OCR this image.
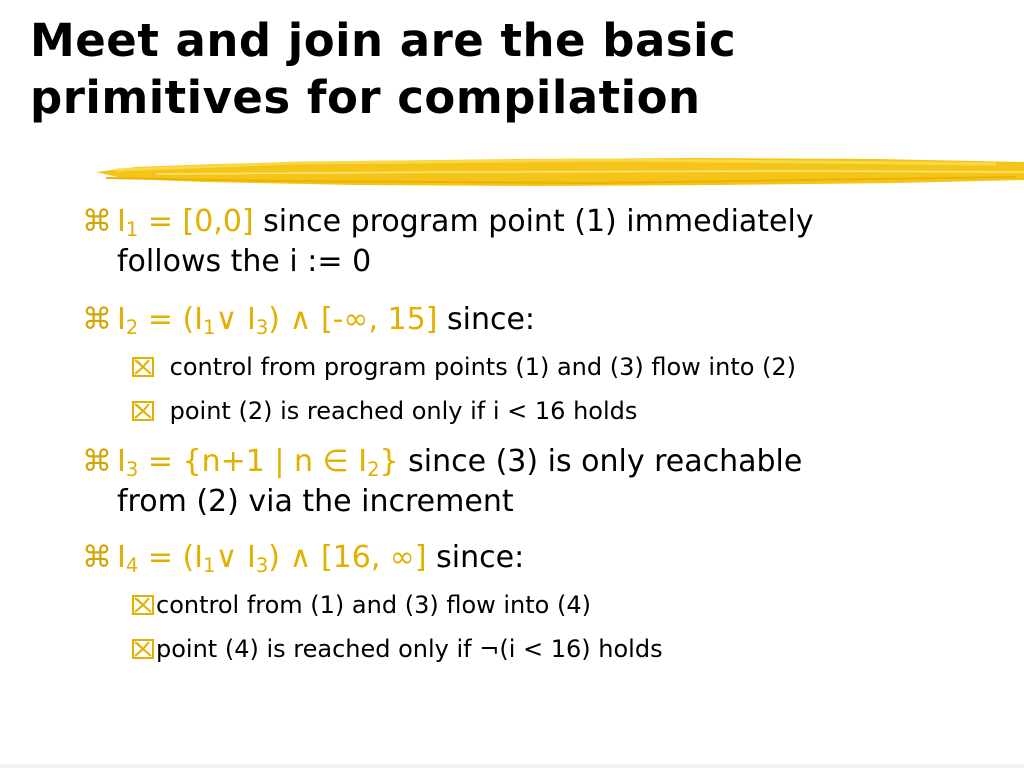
Meet and join are the basic
primitives for compilation
⌘ $I_1 = [0,0]$ since program point (1) immediately
follows the i := 0
⌘ $I_2$ = ($I_1\vee$ $I_3$) ∧ [-∞, 15] since:
control from program points (1) and (3) flow into (2)
point (2) is reached only if i < 16 holds
⌘ $I_3 = \{n+1$ | n ∈ $I_2$} since (3) is only reachable
from (2) via the increment
⌘ $I_4$ = ($I_1\vee$ $I_3$) ∧ [16, ∞] since:
control from (1) and (3) flow into (4)
point (4) is reached only if ¬(i < 16) holds
